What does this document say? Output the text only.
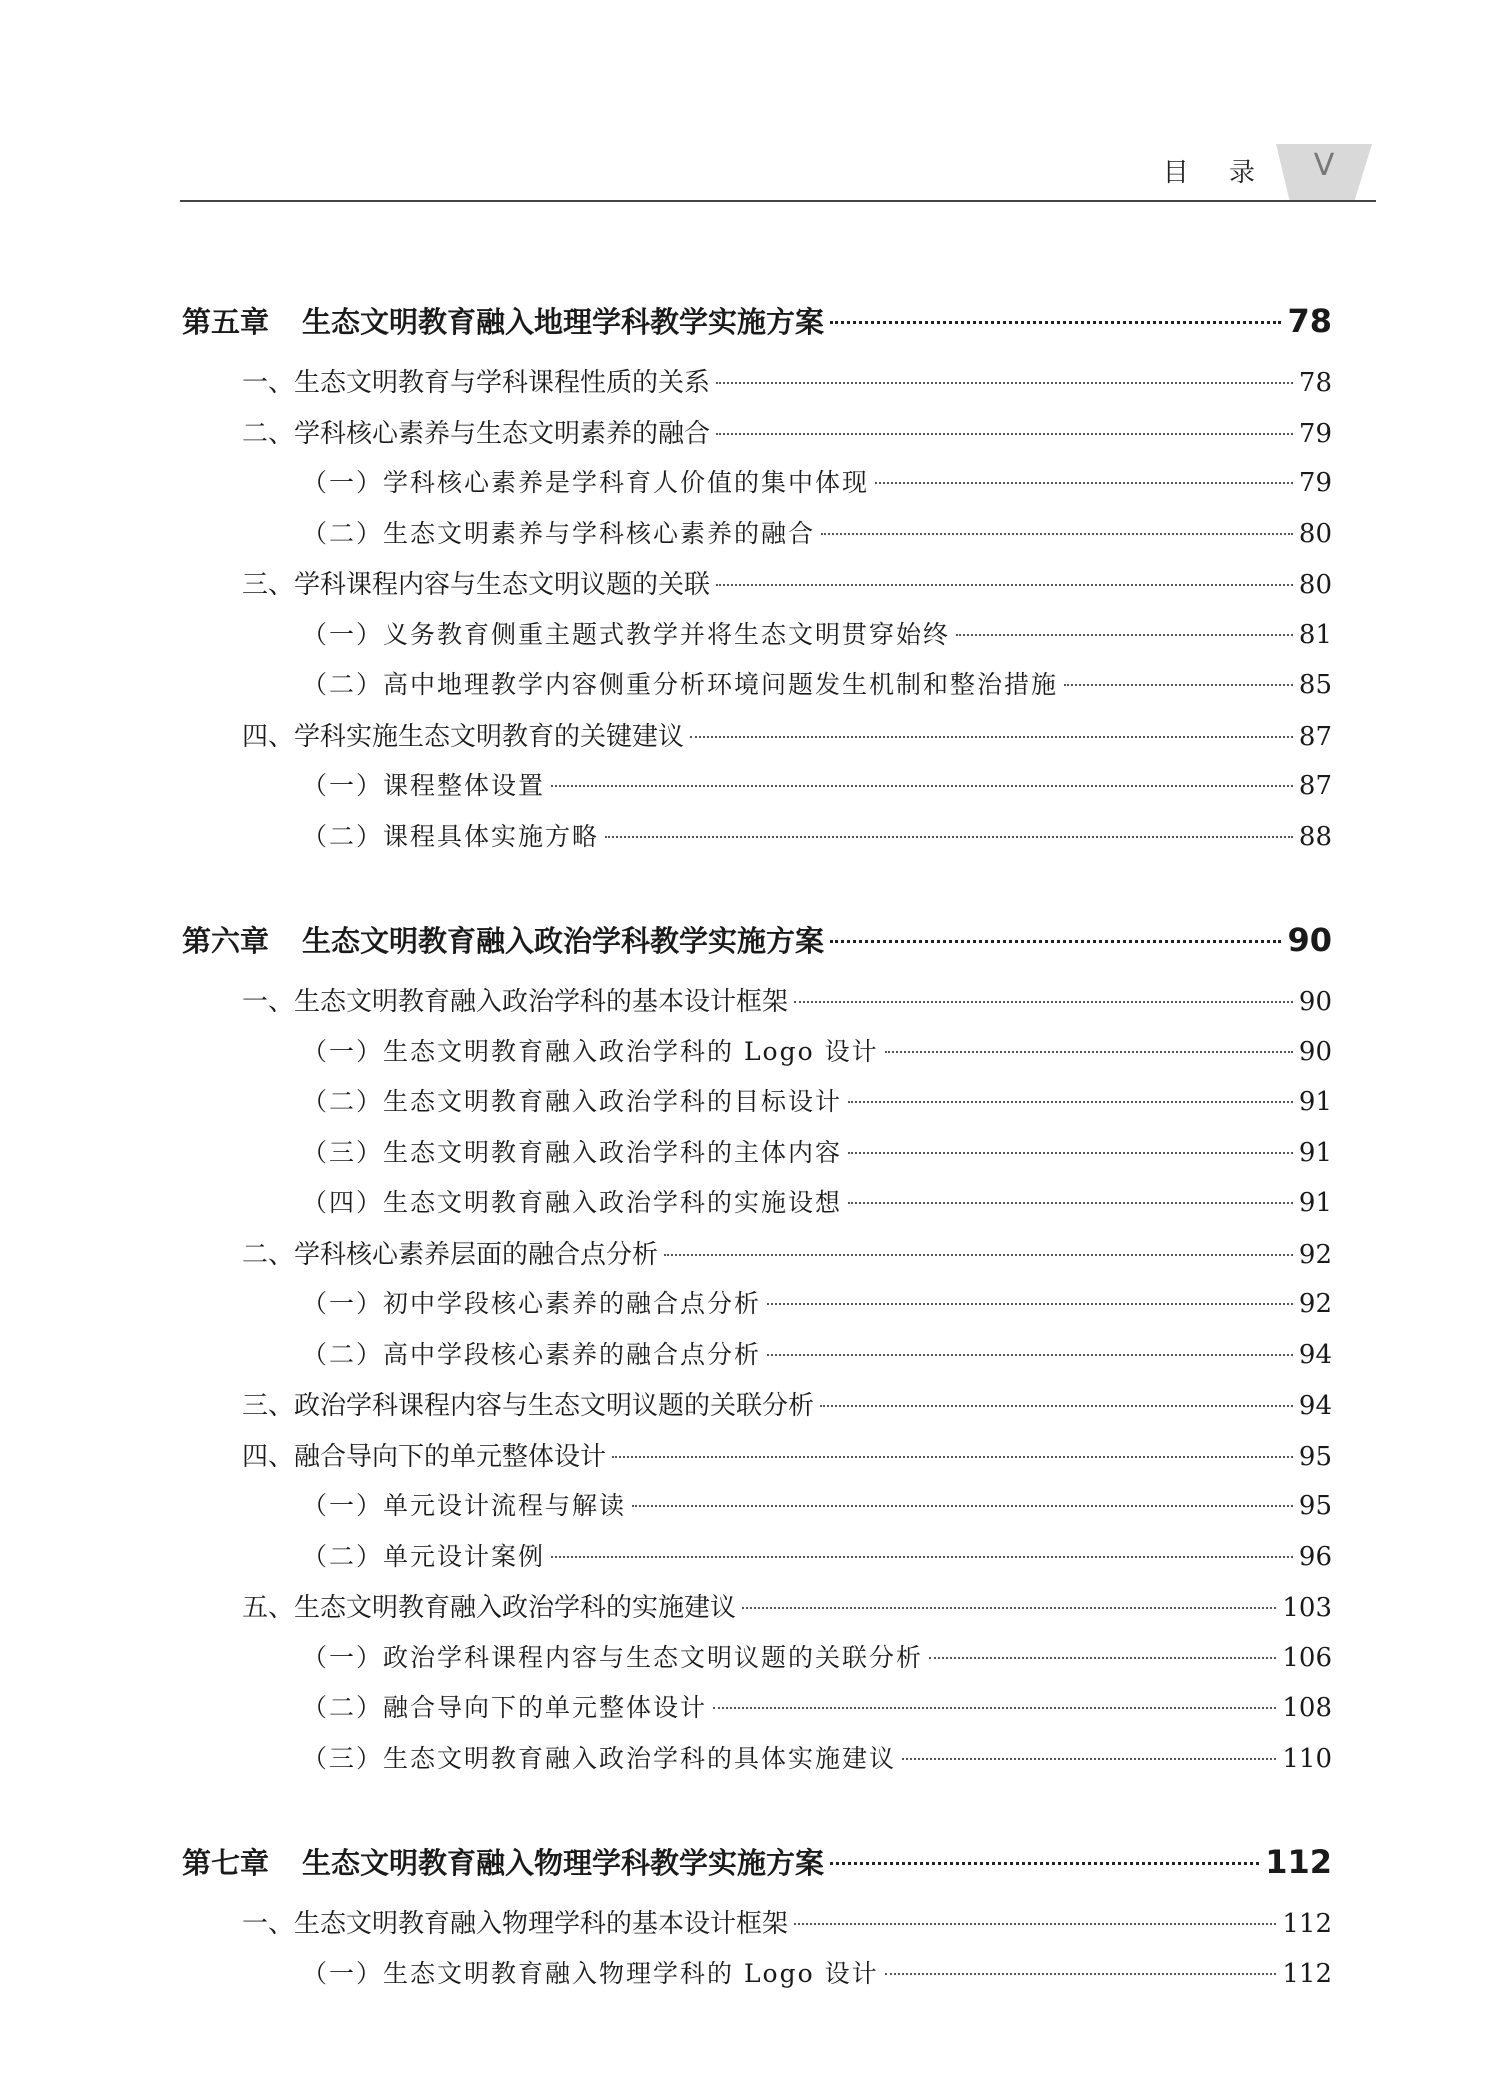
目 录	V
第五章 生态文明教育融入地理学科教学实施方案	78
一、生态文明教育与学科课程性质的关系	78
二、学科核心素养与生态文明素养的融合	79
（一）学科核心素养是学科育人价值的集中体现	79
（二）生态文明素养与学科核心素养的融合	80
三、学科课程内容与生态文明议题的关联	80
（一）义务教育侧重主题式教学并将生态文明贯穿始终	81
（二）高中地理教学内容侧重分析环境问题发生机制和整治措施	85
四、学科实施生态文明教育的关键建议	87
（一）课程整体设置	87
（二）课程具体实施方略	88
第六章 生态文明教育融入政治学科教学实施方案	90
一、生态文明教育融入政治学科的基本设计框架	90
（一）生态文明教育融入政治学科的 Logo 设计	90
（二）生态文明教育融入政治学科的目标设计	91
（三）生态文明教育融入政治学科的主体内容	91
（四）生态文明教育融入政治学科的实施设想	91
二、学科核心素养层面的融合点分析	92
（一）初中学段核心素养的融合点分析	92
（二）高中学段核心素养的融合点分析	94
三、政治学科课程内容与生态文明议题的关联分析	94
四、融合导向下的单元整体设计	95
（一）单元设计流程与解读	95
（二）单元设计案例	96
五、生态文明教育融入政治学科的实施建议	103
（一）政治学科课程内容与生态文明议题的关联分析	106
（二）融合导向下的单元整体设计	108
（三）生态文明教育融入政治学科的具体实施建议	110
第七章 生态文明教育融入物理学科教学实施方案	112
一、生态文明教育融入物理学科的基本设计框架	112
（一）生态文明教育融入物理学科的 Logo 设计	112
